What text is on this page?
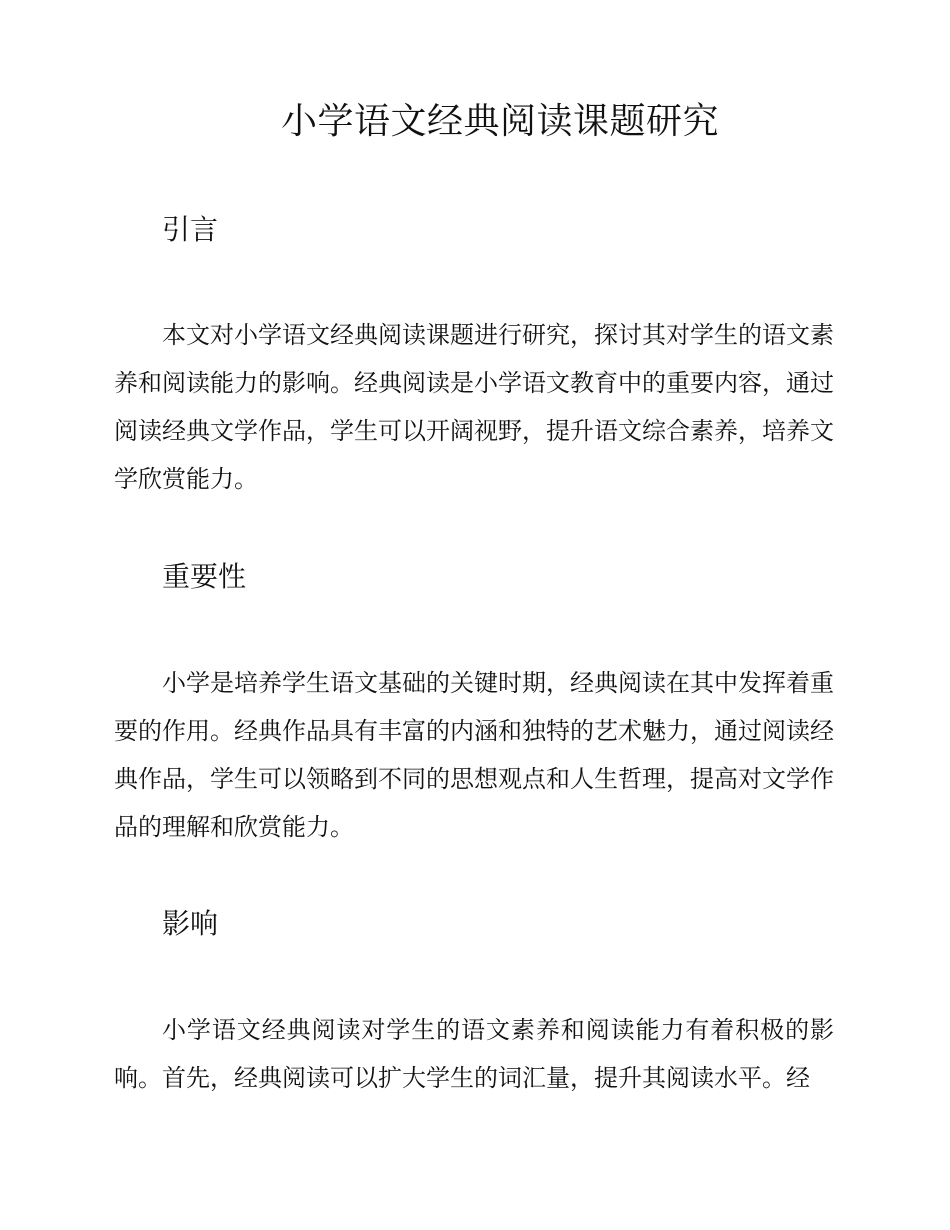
小学语文经典阅读课题研究
引言

本文对小学语文经典阅读课题进行研究，探讨其对学生的语文素养和阅读能力的影响。经典阅读是小学语文教育中的重要内容，通过阅读经典文学作品，学生可以开阔视野，提升语文综合素养，培养文学欣赏能力。

重要性

小学是培养学生语文基础的关键时期，经典阅读在其中发挥着重要的作用。经典作品具有丰富的内涵和独特的艺术魅力，通过阅读经典作品，学生可以领略到不同的思想观点和人生哲理，提高对文学作品的理解和欣赏能力。

影响

小学语文经典阅读对学生的语文素养和阅读能力有着积极的影响。首先，经典阅读可以扩大学生的词汇量，提升其阅读水平。经
